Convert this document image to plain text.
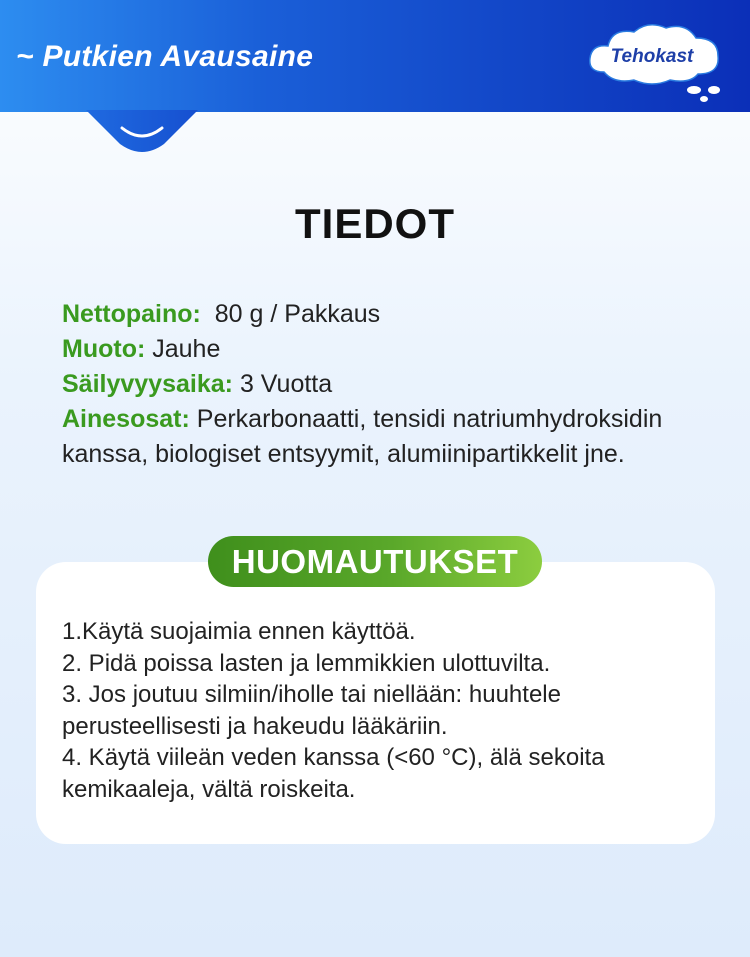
~ Putkien Avausaine	Tehokast
TIEDOT

Nettopaino: 80 g / Pakkaus

Muoto: Jauhe

Säilyvyysaika: 3 Vuotta

Ainesosat: Perkarbonaatti, tensidi natriumhydroksidin kanssa, biologiset entsyymit, alumiinipartikkelit jne.

HUOMAUTUKSET

1.Käytä suojaimia ennen käyttöä.

2. Pidä poissa lasten ja lemmikkien ulottuvilta.

3. Jos joutuu silmiin/iholle tai niellään: huuhtele perusteellisesti ja hakeudu lääkäriin.

4. Käytä viileän veden kanssa (<60 °C), älä sekoita kemikaaleja, vältä roiskeita.
